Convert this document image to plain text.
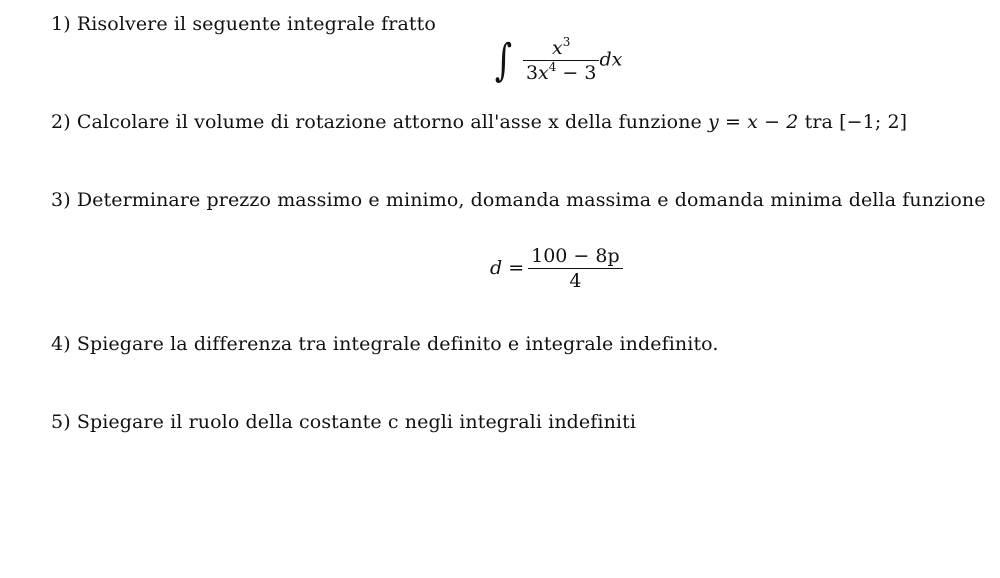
1) Risolvere il seguente integrale fratto
∫ $\frac{x^3}{3x^4 - 3}$ dx
2) Calcolare il volume di rotazione attorno all'asse x della funzione y = x − 2 tra [−1; 2]
3) Determinare prezzo massimo e minimo, domanda massima e domanda minima della funzione
$d = \frac{100 - 8p}{4}$
4) Spiegare la differenza tra integrale definito e integrale indefinito.
5) Spiegare il ruolo della costante c negli integrali indefiniti
